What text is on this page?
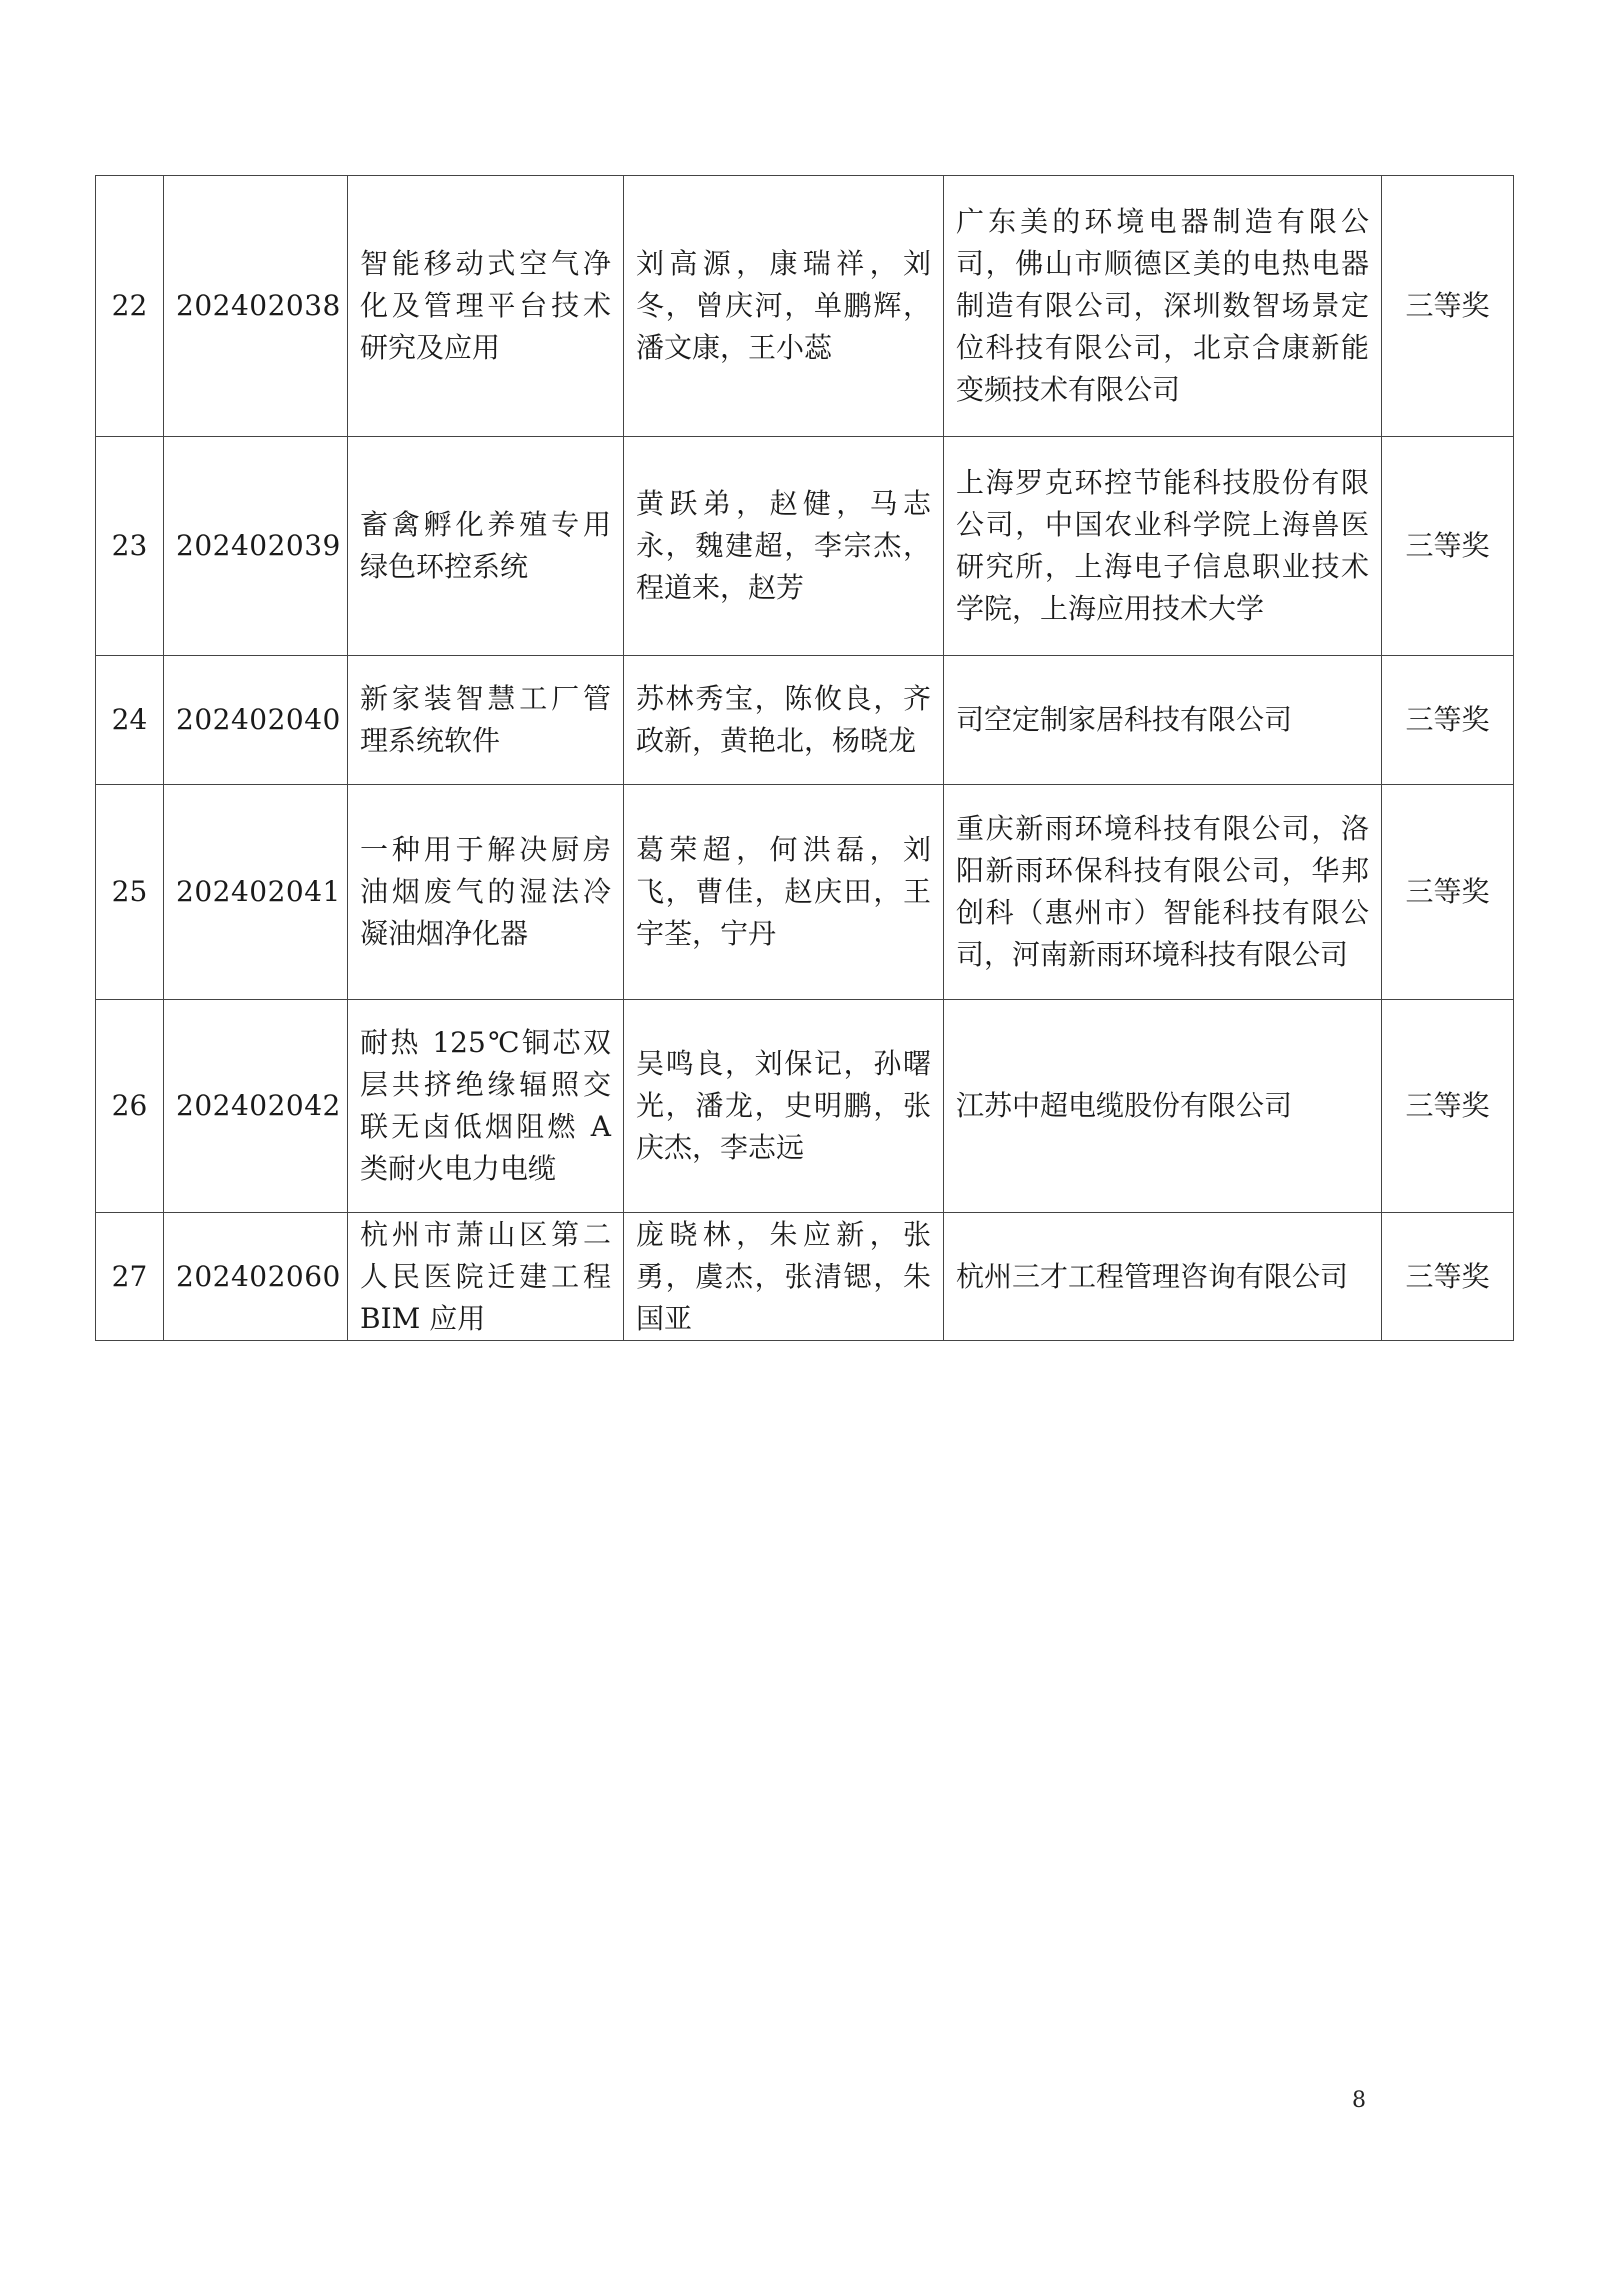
22	202402038	智能移动式空气净化及管理平台技术研究及应用	刘高源，康瑞祥，刘冬，曾庆河，单鹏辉，潘文康，王小蕊	广东美的环境电器制造有限公司，佛山市顺德区美的电热电器制造有限公司，深圳数智场景定位科技有限公司，北京合康新能变频技术有限公司	三等奖
23	202402039	畜禽孵化养殖专用绿色环控系统	黄跃弟，赵健，马志永，魏建超，李宗杰，程道来，赵芳	上海罗克环控节能科技股份有限公司，中国农业科学院上海兽医研究所，上海电子信息职业技术学院，上海应用技术大学	三等奖
24	202402040	新家装智慧工厂管理系统软件	苏林秀宝，陈攸良，齐政新，黄艳北，杨晓龙	司空定制家居科技有限公司	三等奖
25	202402041	一种用于解决厨房油烟废气的湿法冷凝油烟净化器	葛荣超，何洪磊，刘飞，曹佳，赵庆田，王宇荃，宁丹	重庆新雨环境科技有限公司，洛阳新雨环保科技有限公司，华邦创科（惠州市）智能科技有限公司，河南新雨环境科技有限公司	三等奖
26	202402042	耐热 125℃铜芯双层共挤绝缘辐照交联无卤低烟阻燃 A 类耐火电力电缆	吴鸣良，刘保记，孙曙光，潘龙，史明鹏，张庆杰，李志远	江苏中超电缆股份有限公司	三等奖
27	202402060	杭州市萧山区第二人民医院迁建工程 BIM 应用	庞晓林，朱应新，张勇，虞杰，张清锶，朱国亚	杭州三才工程管理咨询有限公司	三等奖
8
